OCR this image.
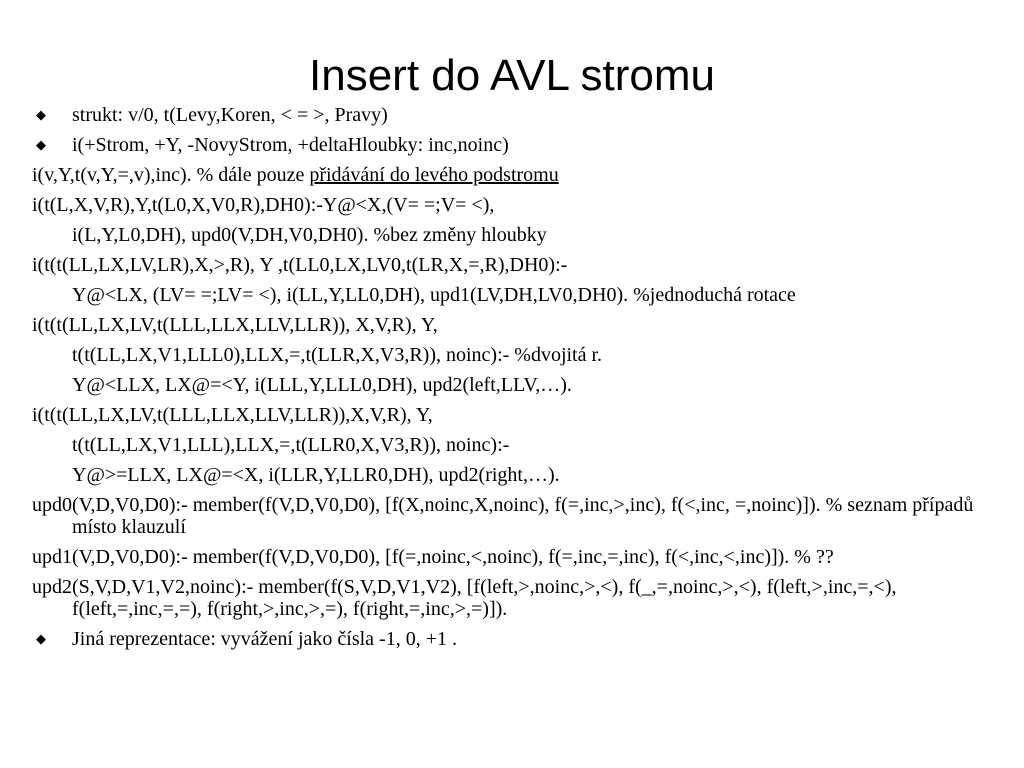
Insert do AVL stromu
◆ strukt: v/0, t(Levy,Koren, < = >, Pravy)
◆ i(+Strom, +Y, -NovyStrom, +deltaHloubky: inc,noinc)
i(v,Y,t(v,Y,=,v),inc). % dále pouze přidávání do levého podstromu
i(t(L,X,V,R),Y,t(L0,X,V0,R),DH0):-Y@<X,(V= =;V= <),
i(L,Y,L0,DH), upd0(V,DH,V0,DH0). %bez změny hloubky
i(t(t(LL,LX,LV,LR),X,>,R), Y ,t(LL0,LX,LV0,t(LR,X,=,R),DH0):-
Y@<LX, (LV= =;LV= <), i(LL,Y,LL0,DH), upd1(LV,DH,LV0,DH0). %jednoduchá rotace
i(t(t(LL,LX,LV,t(LLL,LLX,LLV,LLR)), X,V,R), Y,
t(t(LL,LX,V1,LLL0),LLX,=,t(LLR,X,V3,R)), noinc):- %dvojitá r.
Y@<LLX, LX@=<Y, i(LLL,Y,LLL0,DH), upd2(left,LLV,…).
i(t(t(LL,LX,LV,t(LLL,LLX,LLV,LLR)),X,V,R), Y,
t(t(LL,LX,V1,LLL),LLX,=,t(LLR0,X,V3,R)), noinc):-
Y@>=LLX, LX@=<X, i(LLR,Y,LLR0,DH), upd2(right,…).
upd0(V,D,V0,D0):- member(f(V,D,V0,D0), [f(X,noinc,X,noinc), f(=,inc,>,inc), f(<,inc, =,noinc)]). % seznam případů místo klauzulí
upd1(V,D,V0,D0):- member(f(V,D,V0,D0), [f(=,noinc,<,noinc), f(=,inc,=,inc), f(<,inc,<,inc)]). % ??
upd2(S,V,D,V1,V2,noinc):- member(f(S,V,D,V1,V2), [f(left,>,noinc,>,<), f(_,=,noinc,>,<), f(left,>,inc,=,<), f(left,=,inc,=,=), f(right,>,inc,>,=), f(right,=,inc,>,=)]).
◆ Jiná reprezentace: vyvážení jako čísla -1, 0, +1 .
